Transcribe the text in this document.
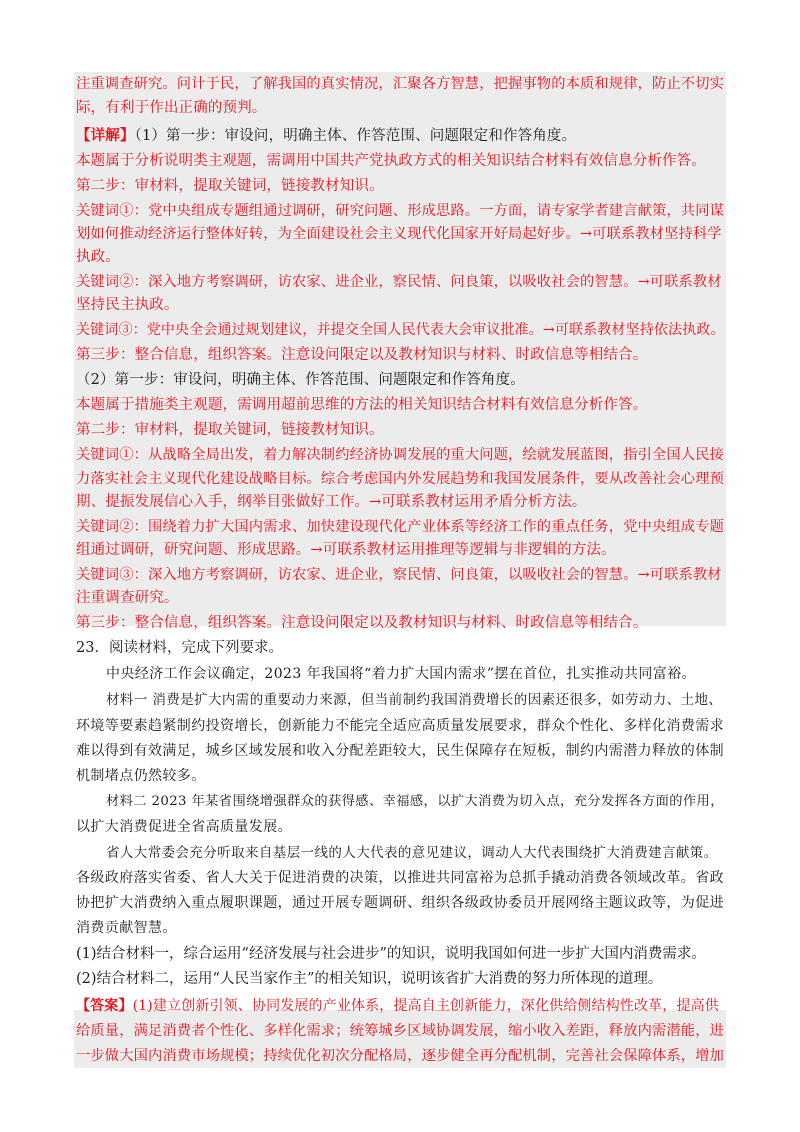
注重调查研究。问计于民，了解我国的真实情况，汇聚各方智慧，把握事物的本质和规律，防止不切实
际，有利于作出正确的预判。
【详解】（1）第一步：审设问，明确主体、作答范围、问题限定和作答角度。
本题属于分析说明类主观题，需调用中国共产党执政方式的相关知识结合材料有效信息分析作答。
第二步：审材料，提取关键词，链接教材知识。
关键词①：党中央组成专题组通过调研，研究问题、形成思路。一方面，请专家学者建言献策，共同谋
划如何推动经济运行整体好转，为全面建设社会主义现代化国家开好局起好步。→可联系教材坚持科学
执政。
关键词②：深入地方考察调研，访农家、进企业，察民情、问良策，以吸收社会的智慧。→可联系教材
坚持民主执政。
关键词③：党中央全会通过规划建议，并提交全国人民代表大会审议批准。→可联系教材坚持依法执政。
第三步：整合信息，组织答案。注意设问限定以及教材知识与材料、时政信息等相结合。
（2）第一步：审设问，明确主体、作答范围、问题限定和作答角度。
本题属于措施类主观题，需调用超前思维的方法的相关知识结合材料有效信息分析作答。
第二步：审材料，提取关键词，链接教材知识。
关键词①：从战略全局出发，着力解决制约经济协调发展的重大问题，绘就发展蓝图，指引全国人民接
力落实社会主义现代化建设战略目标。综合考虑国内外发展趋势和我国发展条件，要从改善社会心理预
期、提振发展信心入手，纲举目张做好工作。→可联系教材运用矛盾分析方法。
关键词②：围绕着力扩大国内需求、加快建设现代化产业体系等经济工作的重点任务，党中央组成专题
组通过调研，研究问题、形成思路。→可联系教材运用推理等逻辑与非逻辑的方法。
关键词③：深入地方考察调研，访农家、进企业，察民情、问良策，以吸收社会的智慧。→可联系教材
注重调查研究。
第三步：整合信息，组织答案。注意设问限定以及教材知识与材料、时政信息等相结合。
23．阅读材料，完成下列要求。
中央经济工作会议确定，2023 年我国将“着力扩大国内需求”摆在首位，扎实推动共同富裕。
材料一 消费是扩大内需的重要动力来源，但当前制约我国消费增长的因素还很多，如劳动力、土地、
环境等要素趋紧制约投资增长，创新能力不能完全适应高质量发展要求，群众个性化、多样化消费需求
难以得到有效满足，城乡区域发展和收入分配差距较大，民生保障存在短板，制约内需潜力释放的体制
机制堵点仍然较多。
材料二 2023 年某省围绕增强群众的获得感、幸福感，以扩大消费为切入点，充分发挥各方面的作用，
以扩大消费促进全省高质量发展。
省人大常委会充分听取来自基层一线的人大代表的意见建议，调动人大代表围绕扩大消费建言献策。
各级政府落实省委、省人大关于促进消费的决策，以推进共同富裕为总抓手撬动消费各领域改革。省政
协把扩大消费纳入重点履职课题，通过开展专题调研、组织各级政协委员开展网络主题议政等，为促进
消费贡献智慧。
(1)结合材料一，综合运用“经济发展与社会进步”的知识，说明我国如何进一步扩大国内消费需求。
(2)结合材料二，运用“人民当家作主”的相关知识，说明该省扩大消费的努力所体现的道理。
【答案】(1)建立创新引领、协同发展的产业体系，提高自主创新能力，深化供给侧结构性改革，提高供
给质量，满足消费者个性化、多样化需求；统筹城乡区域协调发展，缩小收入差距，释放内需潜能，进
一步做大国内消费市场规模；持续优化初次分配格局，逐步健全再分配机制，完善社会保障体系，增加
